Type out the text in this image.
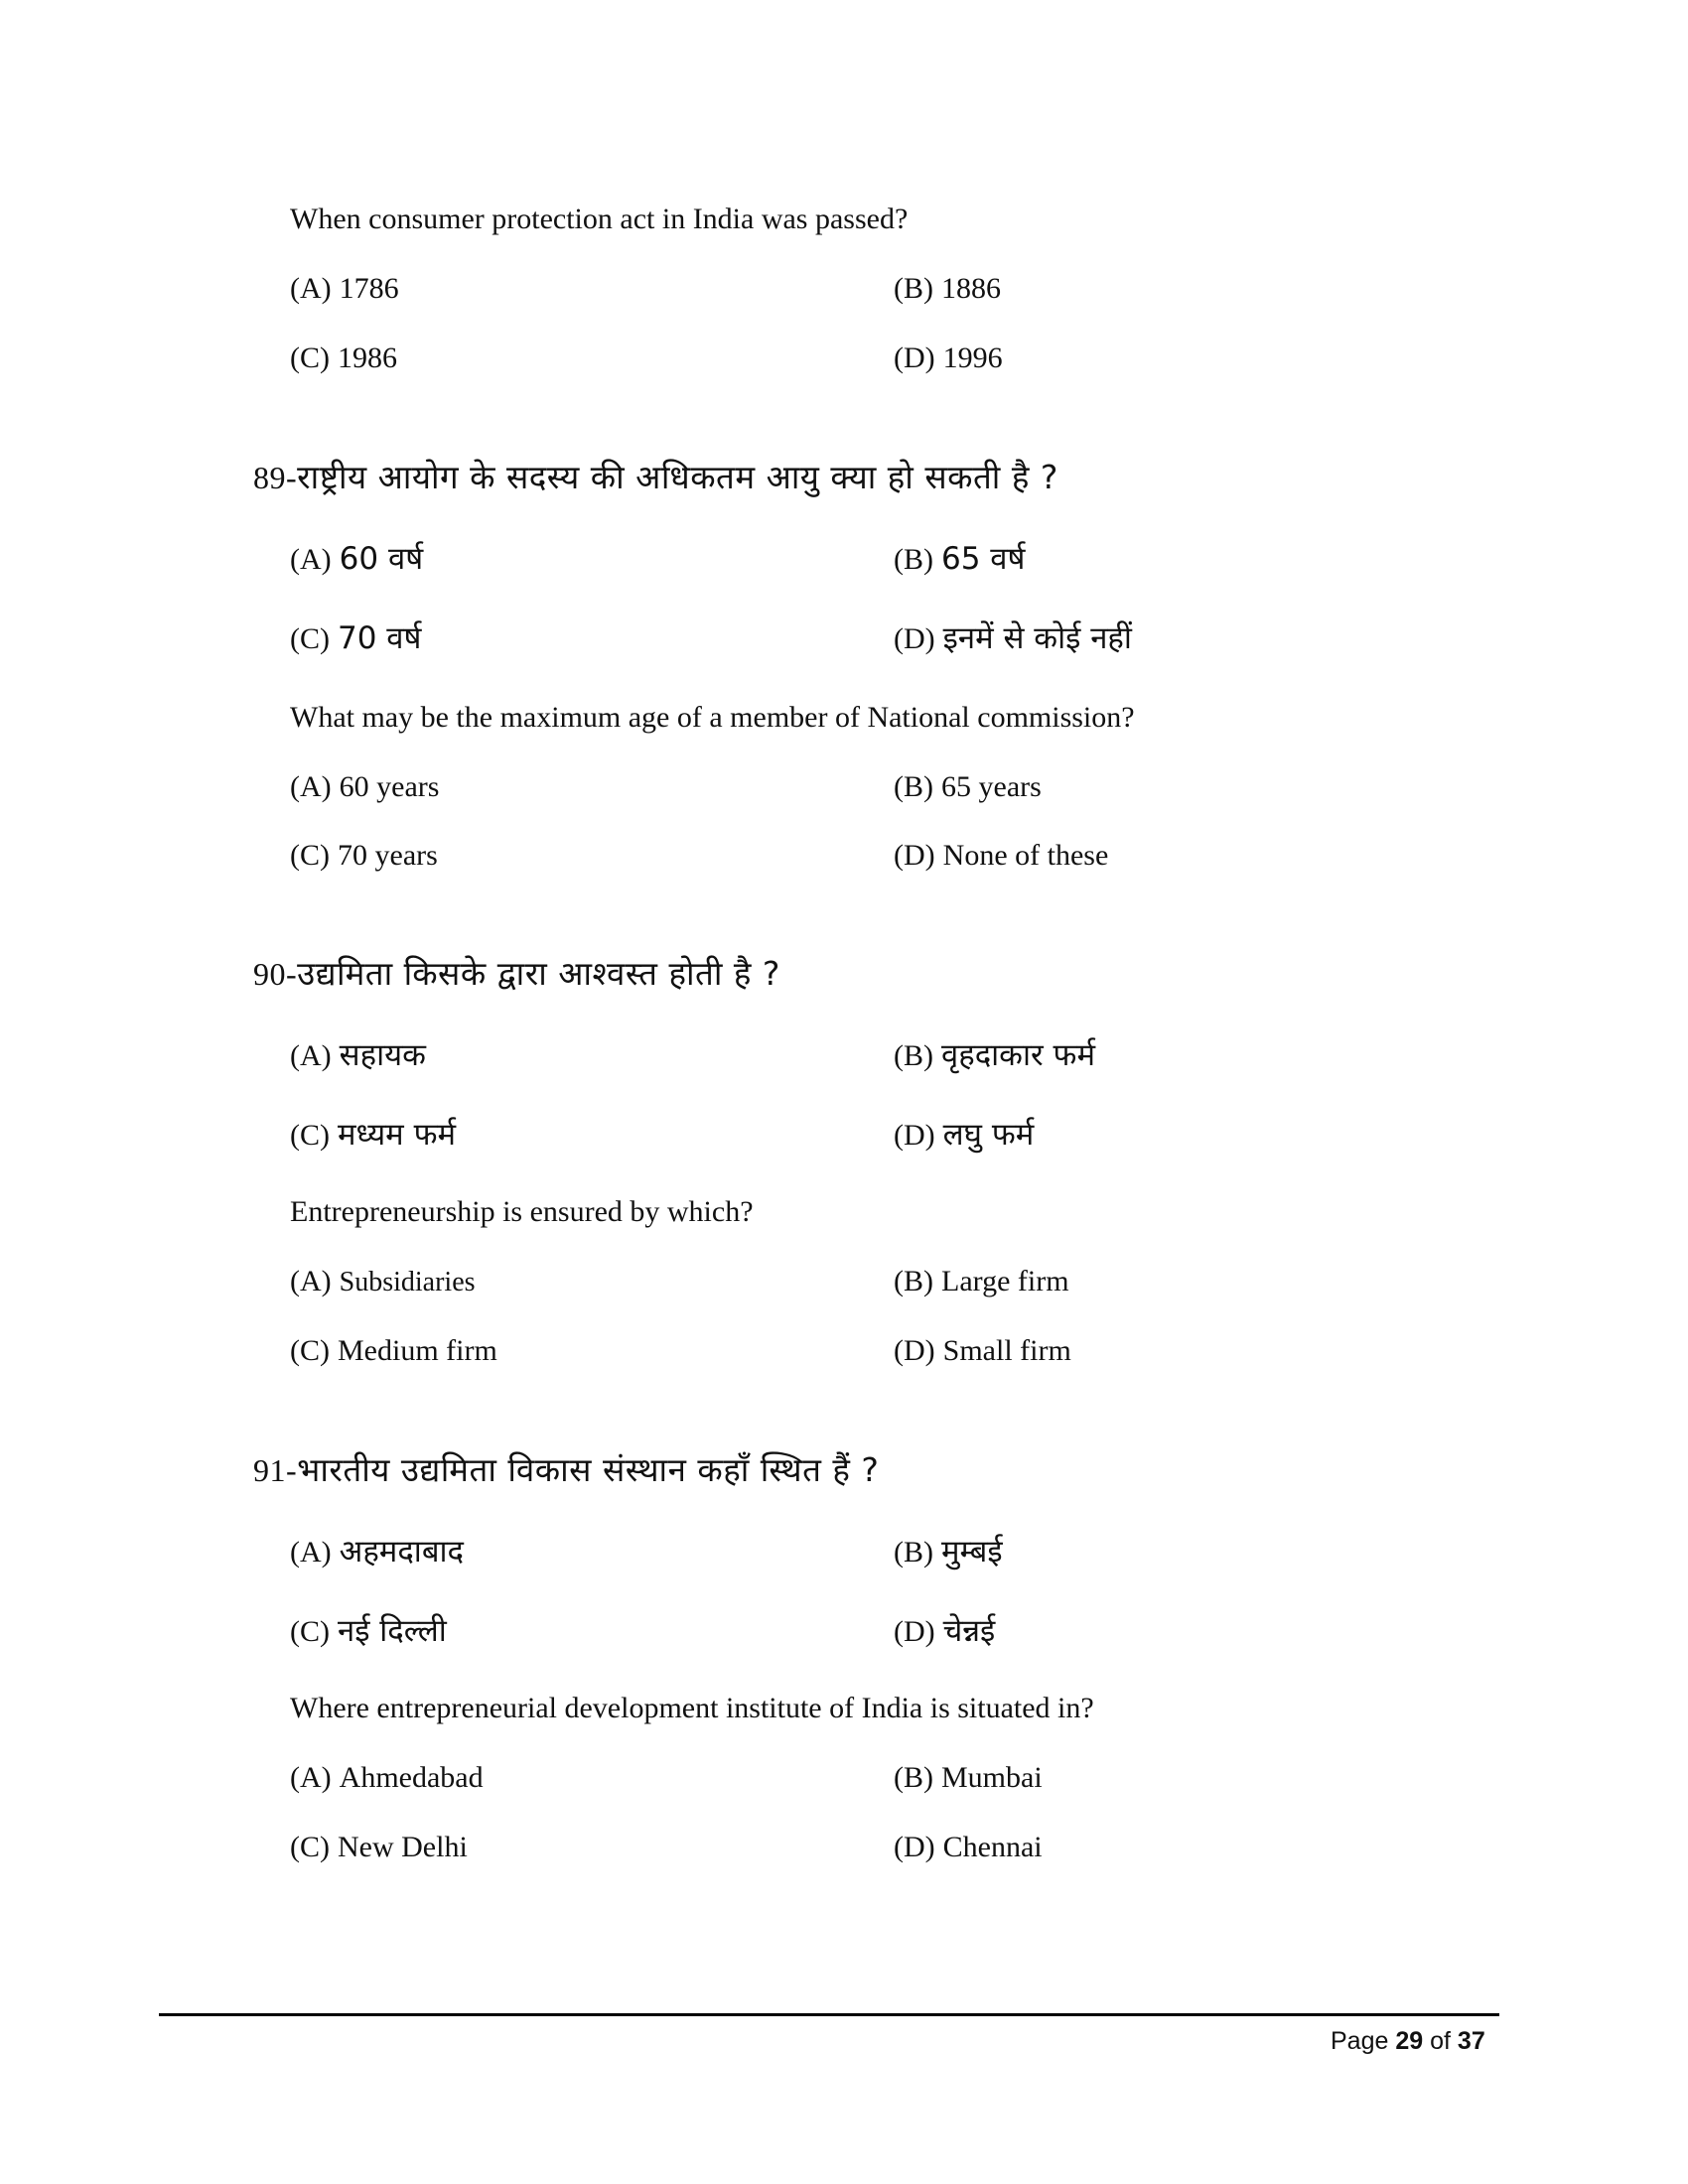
When consumer protection act in India was passed?
(A) 1786	(B) 1886
(C) 1986	(D) 1996
89-राष्ट्रीय आयोग के सदस्य की अधिकतम आयु क्या हो सकती है ?
(A) 60 वर्ष	(B) 65 वर्ष
(C) 70 वर्ष	(D) इनमें से कोई नहीं
What may be the maximum age of a member of National commission?
(A) 60 years	(B) 65 years
(C) 70 years	(D) None of these
90-उद्यमिता किसके द्वारा आश्वस्त होती है ?
(A) सहायक	(B) वृहदाकार फर्म
(C) मध्यम फर्म	(D) लघु फर्म
Entrepreneurship is ensured by which?
(A) Subsidiaries	(B) Large firm
(C) Medium firm	(D) Small firm
91-भारतीय उद्यमिता विकास संस्थान कहाँ स्थित हैं ?
(A) अहमदाबाद	(B) मुम्बई
(C) नई दिल्ली	(D) चेन्नई
Where entrepreneurial development institute of India is situated in?
(A) Ahmedabad	(B) Mumbai
(C) New Delhi	(D) Chennai
Page 29 of 37
